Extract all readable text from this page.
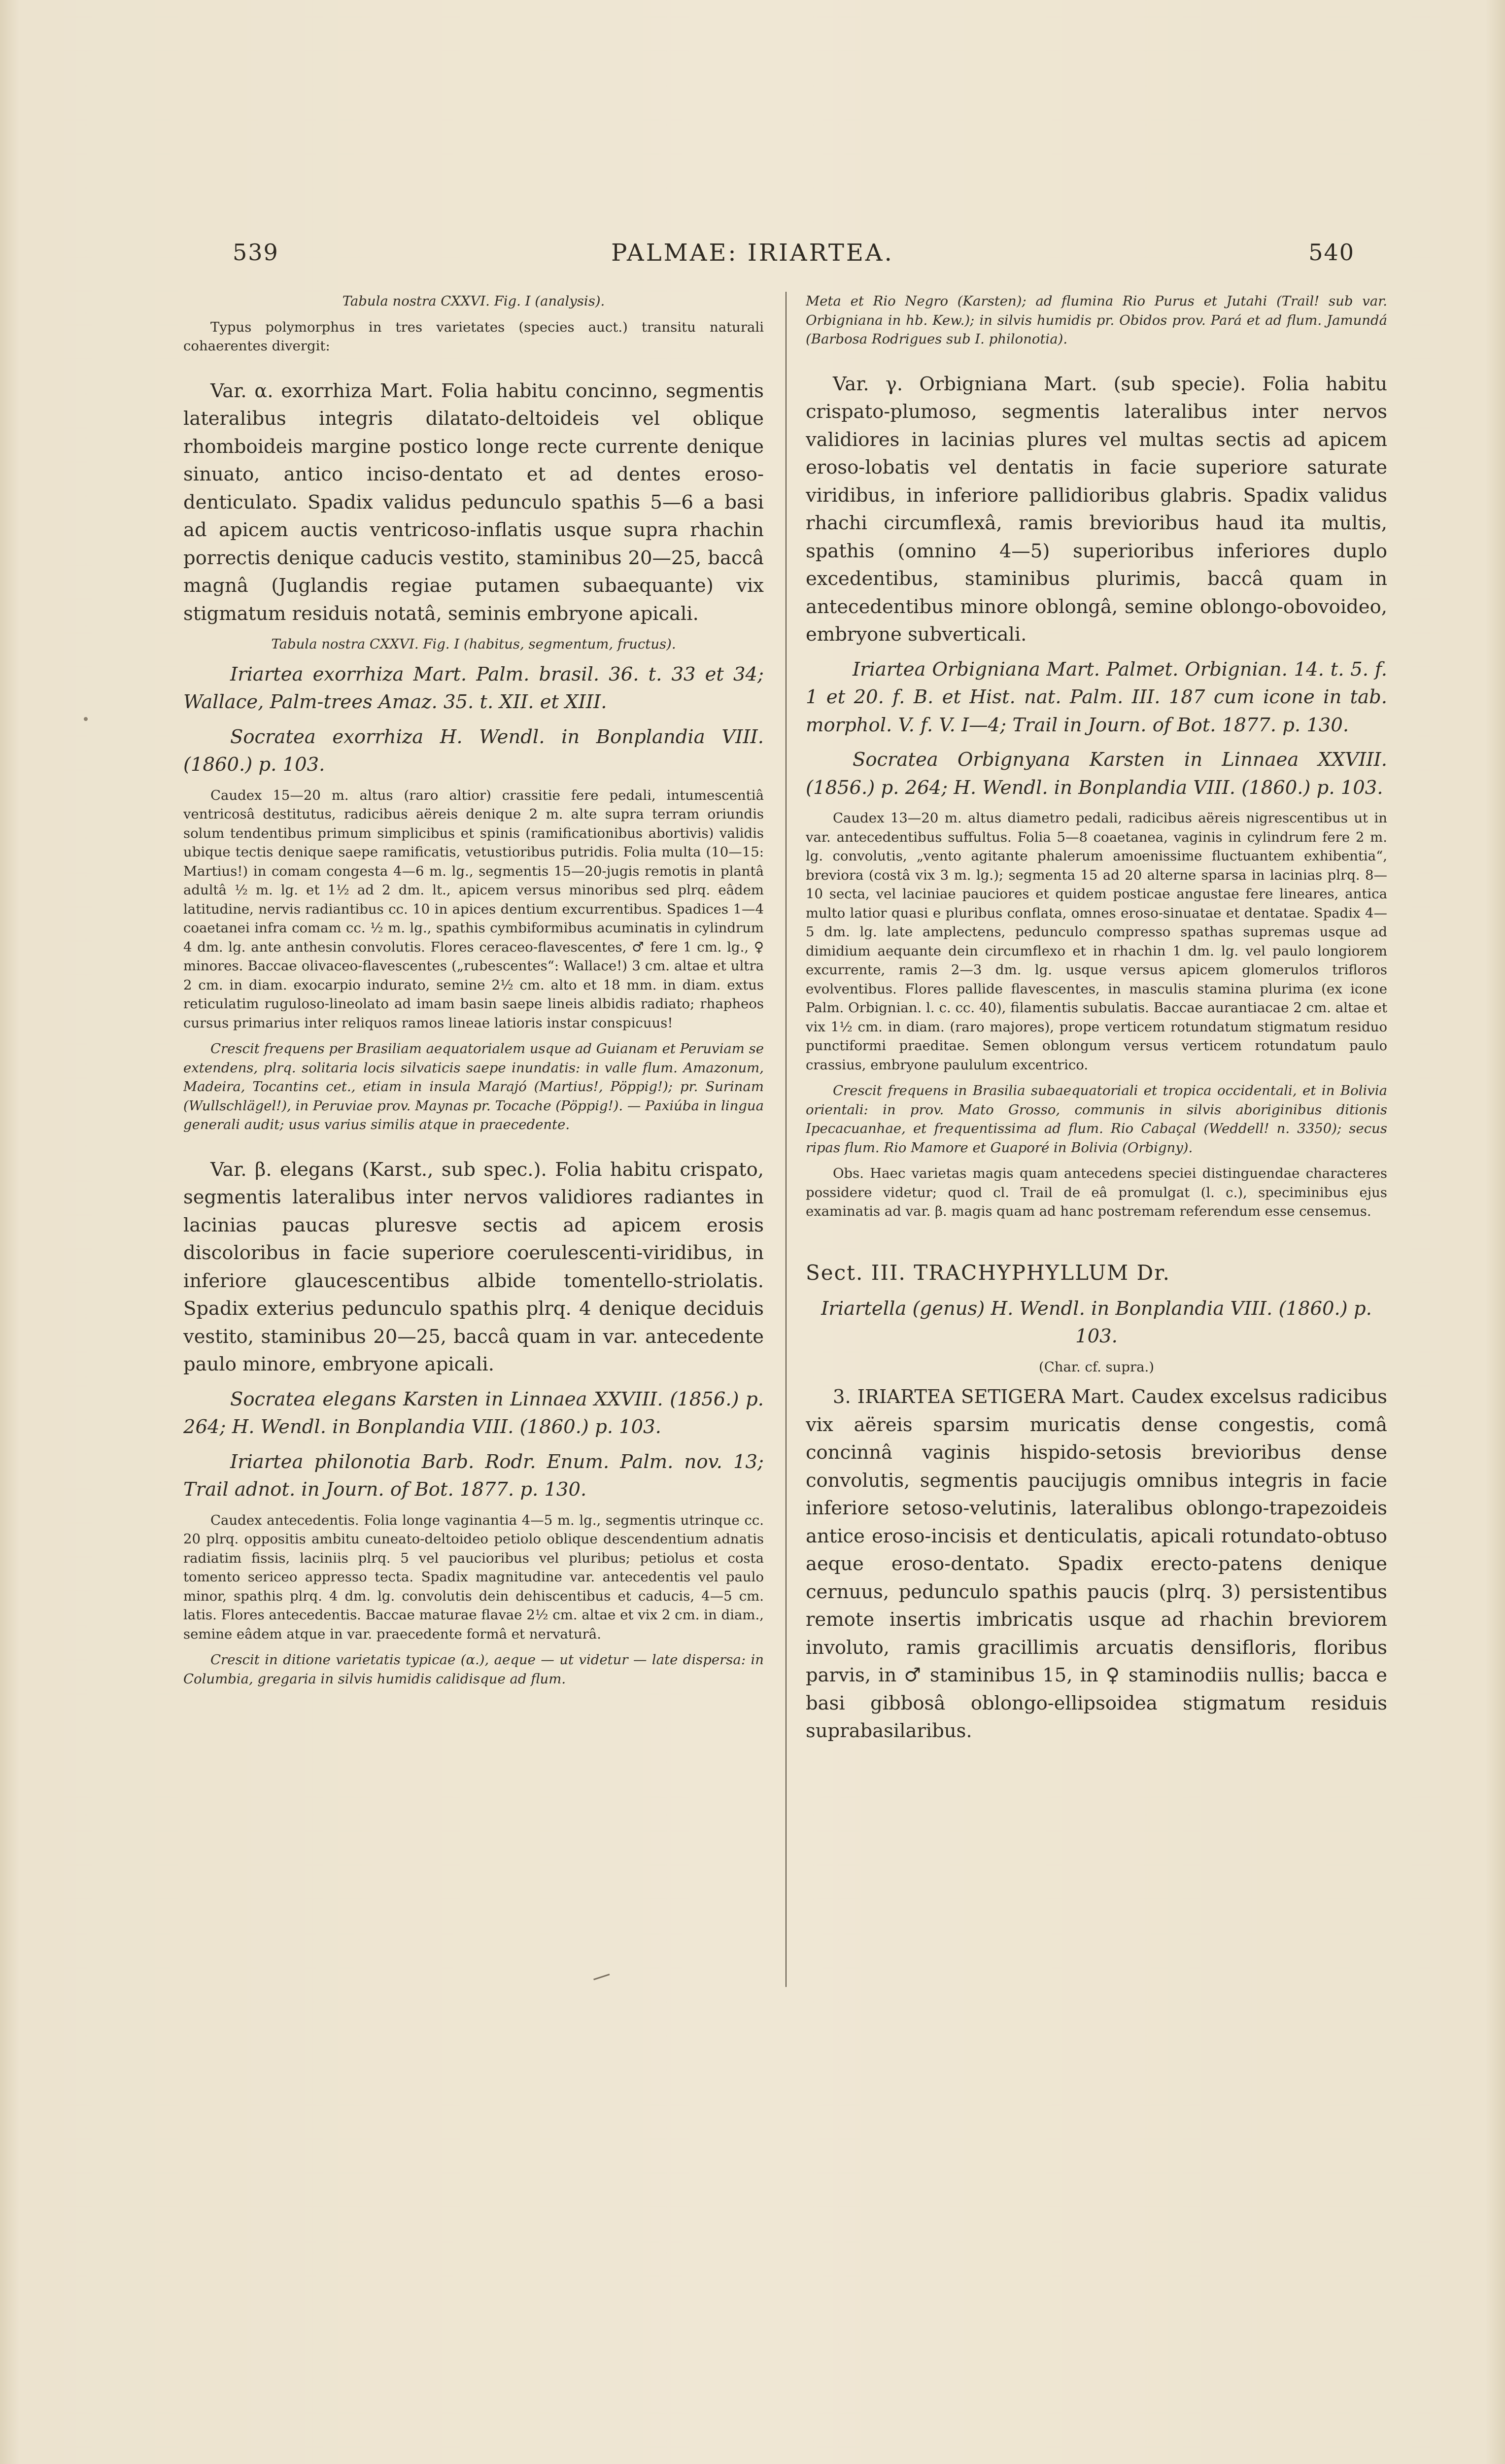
539	PALMAE: IRIARTEA.	540

Tabula nostra CXXVI. Fig. I (analysis).

Typus polymorphus in tres varietates (species auct.) transitu naturali cohaerentes divergit:

Var. α. exorrhiza Mart. Folia habitu concinno, segmentis lateralibus integris dilatato-deltoideis vel oblique rhomboideis margine postico longe recte currente denique sinuato, antico inciso-dentato et ad dentes eroso-denticulato. Spadix validus pedunculo spathis 5—6 a basi ad apicem auctis ventricoso-inflatis usque supra rhachin porrectis denique caducis vestito, staminibus 20—25, baccâ magnâ (Juglandis regiae putamen subaequante) vix stigmatum residuis notatâ, seminis embryone apicali.

Tabula nostra CXXVI. Fig. I (habitus, segmentum, fructus).

Iriartea exorrhiza Mart. Palm. brasil. 36. t. 33 et 34; Wallace, Palm-trees Amaz. 35. t. XII. et XIII.

Socratea exorrhiza H. Wendl. in Bonplandia VIII. (1860.) p. 103.

Caudex 15—20 m. altus (raro altior) crassitie fere pedali, intumescentiâ ventricosâ destitutus, radicibus aëreis denique 2 m. alte supra terram oriundis solum tendentibus primum simplicibus et spinis (ramificationibus abortivis) validis ubique tectis denique saepe ramificatis, vetustioribus putridis. Folia multa (10—15: Martius!) in comam congesta 4—6 m. lg., segmentis 15—20-jugis remotis in plantâ adultâ ½ m. lg. et 1½ ad 2 dm. lt., apicem versus minoribus sed plrq. eâdem latitudine, nervis radiantibus cc. 10 in apices dentium excurrentibus. Spadices 1—4 coaetanei infra comam cc. ½ m. lg., spathis cymbiformibus acuminatis in cylindrum 4 dm. lg. ante anthesin convolutis. Flores ceraceo-flavescentes, ♂ fere 1 cm. lg., ♀ minores. Baccae olivaceo-flavescentes („rubescentes“: Wallace!) 3 cm. altae et ultra 2 cm. in diam. exocarpio indurato, semine 2½ cm. alto et 18 mm. in diam. extus reticulatim ruguloso-lineolato ad imam basin saepe lineis albidis radiato; rhapheos cursus primarius inter reliquos ramos lineae latioris instar conspicuus!

Crescit frequens per Brasiliam aequatorialem usque ad Guianam et Peruviam se extendens, plrq. solitaria locis silvaticis saepe inundatis: in valle flum. Amazonum, Madeira, Tocantins cet., etiam in insula Marajó (Martius!, Pöppig!); pr. Surinam (Wullschlägel!), in Peruviae prov. Maynas pr. Tocache (Pöppig!). — Paxiúba in lingua generali audit; usus varius similis atque in praecedente.

Var. β. elegans (Karst., sub spec.). Folia habitu crispato, segmentis lateralibus inter nervos validiores radiantes in lacinias paucas pluresve sectis ad apicem erosis discoloribus in facie superiore coerulescenti-viridibus, in inferiore glaucescentibus albide tomentello-striolatis. Spadix exterius pedunculo spathis plrq. 4 denique deciduis vestito, staminibus 20—25, baccâ quam in var. antecedente paulo minore, embryone apicali.

Socratea elegans Karsten in Linnaea XXVIII. (1856.) p. 264; H. Wendl. in Bonplandia VIII. (1860.) p. 103.

Iriartea philonotia Barb. Rodr. Enum. Palm. nov. 13; Trail adnot. in Journ. of Bot. 1877. p. 130.

Caudex antecedentis. Folia longe vaginantia 4—5 m. lg., segmentis utrinque cc. 20 plrq. oppositis ambitu cuneato-deltoideo petiolo oblique descendentium adnatis radiatim fissis, laciniis plrq. 5 vel paucioribus vel pluribus; petiolus et costa tomento sericeo appresso tecta. Spadix magnitudine var. antecedentis vel paulo minor, spathis plrq. 4 dm. lg. convolutis dein dehiscentibus et caducis, 4—5 cm. latis. Flores antecedentis. Baccae maturae flavae 2½ cm. altae et vix 2 cm. in diam., semine eâdem atque in var. praecedente formâ et nervaturâ.

Crescit in ditione varietatis typicae (α.), aeque — ut videtur — late dispersa: in Columbia, gregaria in silvis humidis calidisque ad flum.

Meta et Rio Negro (Karsten); ad flumina Rio Purus et Jutahi (Trail! sub var. Orbigniana in hb. Kew.); in silvis humidis pr. Obidos prov. Pará et ad flum. Jamundá (Barbosa Rodrigues sub I. philonotia).

Var. γ. Orbigniana Mart. (sub specie). Folia habitu crispato-plumoso, segmentis lateralibus inter nervos validiores in lacinias plures vel multas sectis ad apicem eroso-lobatis vel dentatis in facie superiore saturate viridibus, in inferiore pallidioribus glabris. Spadix validus rhachi circumflexâ, ramis brevioribus haud ita multis, spathis (omnino 4—5) superioribus inferiores duplo excedentibus, staminibus plurimis, baccâ quam in antecedentibus minore oblongâ, semine oblongo-obovoideo, embryone subverticali.

Iriartea Orbigniana Mart. Palmet. Orbignian. 14. t. 5. f. 1 et 20. f. B. et Hist. nat. Palm. III. 187 cum icone in tab. morphol. V. f. V. I—4; Trail in Journ. of Bot. 1877. p. 130.

Socratea Orbignyana Karsten in Linnaea XXVIII. (1856.) p. 264; H. Wendl. in Bonplandia VIII. (1860.) p. 103.

Caudex 13—20 m. altus diametro pedali, radicibus aëreis nigrescentibus ut in var. antecedentibus suffultus. Folia 5—8 coaetanea, vaginis in cylindrum fere 2 m. lg. convolutis, „vento agitante phalerum amoenissime fluctuantem exhibentia“, breviora (costâ vix 3 m. lg.); segmenta 15 ad 20 alterne sparsa in lacinias plrq. 8—10 secta, vel laciniae pauciores et quidem posticae angustae fere lineares, antica multo latior quasi e pluribus conflata, omnes eroso-sinuatae et dentatae. Spadix 4—5 dm. lg. late amplectens, pedunculo compresso spathas supremas usque ad dimidium aequante dein circumflexo et in rhachin 1 dm. lg. vel paulo longiorem excurrente, ramis 2—3 dm. lg. usque versus apicem glomerulos trifloros evolventibus. Flores pallide flavescentes, in masculis stamina plurima (ex icone Palm. Orbignian. l. c. cc. 40), filamentis subulatis. Baccae aurantiacae 2 cm. altae et vix 1½ cm. in diam. (raro majores), prope verticem rotundatum stigmatum residuo punctiformi praeditae. Semen oblongum versus verticem rotundatum paulo crassius, embryone paululum excentrico.

Crescit frequens in Brasilia subaequatoriali et tropica occidentali, et in Bolivia orientali: in prov. Mato Grosso, communis in silvis aboriginibus ditionis Ipecacuanhae, et frequentissima ad flum. Rio Cabaçal (Weddell! n. 3350); secus ripas flum. Rio Mamore et Guaporé in Bolivia (Orbigny).

Obs. Haec varietas magis quam antecedens speciei distinguendae characteres possidere videtur; quod cl. Trail de eâ promulgat (l. c.), speciminibus ejus examinatis ad var. β. magis quam ad hanc postremam referendum esse censemus.

Sect. III. TRACHYPHYLLUM Dr.

Iriartella (genus) H. Wendl. in Bonplandia VIII. (1860.) p. 103.

(Char. cf. supra.)

3. IRIARTEA SETIGERA Mart. Caudex excelsus radicibus vix aëreis sparsim muricatis dense congestis, comâ concinnâ vaginis hispido-setosis brevioribus dense convolutis, segmentis paucijugis omnibus integris in facie inferiore setoso-velutinis, lateralibus oblongo-trapezoideis antice eroso-incisis et denticulatis, apicali rotundato-obtuso aeque eroso-dentato. Spadix erecto-patens denique cernuus, pedunculo spathis paucis (plrq. 3) persistentibus remote insertis imbricatis usque ad rhachin breviorem involuto, ramis gracillimis arcuatis densifloris, floribus parvis, in ♂ staminibus 15, in ♀ staminodiis nullis; bacca e basi gibbosâ oblongo-ellipsoidea stigmatum residuis suprabasilaribus.
